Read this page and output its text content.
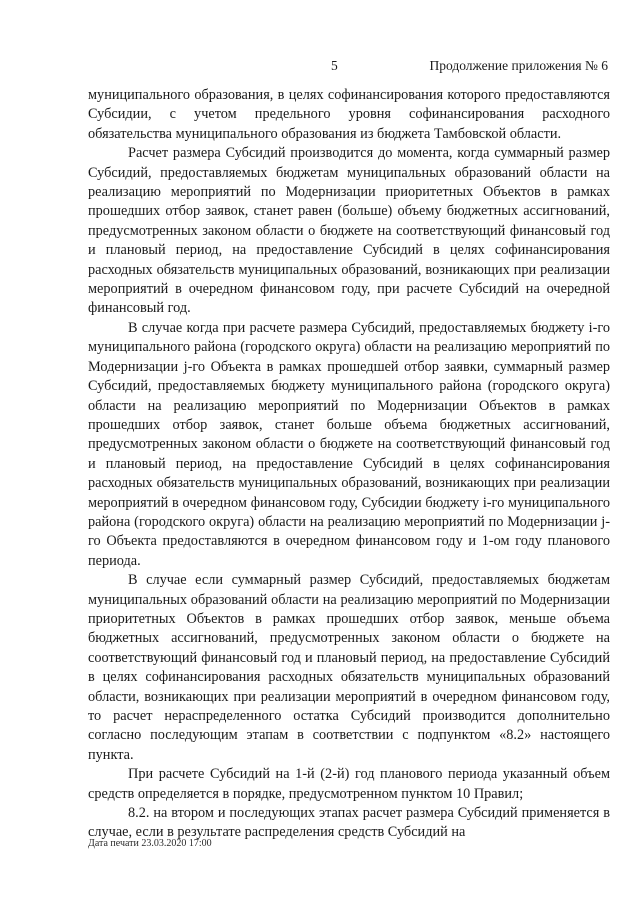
5	Продолжение приложения № 6

муниципального образования, в целях софинансирования которого предоставляются Субсидии, с учетом предельного уровня софинансирования расходного обязательства муниципального образования из бюджета Тамбовской области.

Расчет размера Субсидий производится до момента, когда суммарный размер Субсидий, предоставляемых бюджетам муниципальных образований области на реализацию мероприятий по Модернизации приоритетных Объектов в рамках прошедших отбор заявок, станет равен (больше) объему бюджетных ассигнований, предусмотренных законом области о бюджете на соответствующий финансовый год и плановый период, на предоставление Субсидий в целях софинансирования расходных обязательств муниципальных образований, возникающих при реализации мероприятий в очередном финансовом году, при расчете Субсидий на очередной финансовый год.

В случае когда при расчете размера Субсидий, предоставляемых бюджету i-го муниципального района (городского округа) области на реализацию мероприятий по Модернизации j-го Объекта в рамках прошедшей отбор заявки, суммарный размер Субсидий, предоставляемых бюджету муниципального района (городского округа) области на реализацию мероприятий по Модернизации Объектов в рамках прошедших отбор заявок, станет больше объема бюджетных ассигнований, предусмотренных законом области о бюджете на соответствующий финансовый год и плановый период, на предоставление Субсидий в целях софинансирования расходных обязательств муниципальных образований, возникающих при реализации мероприятий в очередном финансовом году, Субсидии бюджету i-го муниципального района (городского округа) области на реализацию мероприятий по Модернизации j-го Объекта предоставляются в очередном финансовом году и 1-ом году планового периода.

В случае если суммарный размер Субсидий, предоставляемых бюджетам муниципальных образований области на реализацию мероприятий по Модернизации приоритетных Объектов в рамках прошедших отбор заявок, меньше объема бюджетных ассигнований, предусмотренных законом области о бюджете на соответствующий финансовый год и плановый период, на предоставление Субсидий в целях софинансирования расходных обязательств муниципальных образований области, возникающих при реализации мероприятий в очередном финансовом году, то расчет нераспределенного остатка Субсидий производится дополнительно согласно последующим этапам в соответствии с подпунктом «8.2» настоящего пункта.

При расчете Субсидий на 1-й (2-й) год планового периода указанный объем средств определяется в порядке, предусмотренном пунктом 10 Правил;

8.2. на втором и последующих этапах расчет размера Субсидий применяется в случае, если в результате распределения средств Субсидий на

Дата печати 23.03.2020 17:00
